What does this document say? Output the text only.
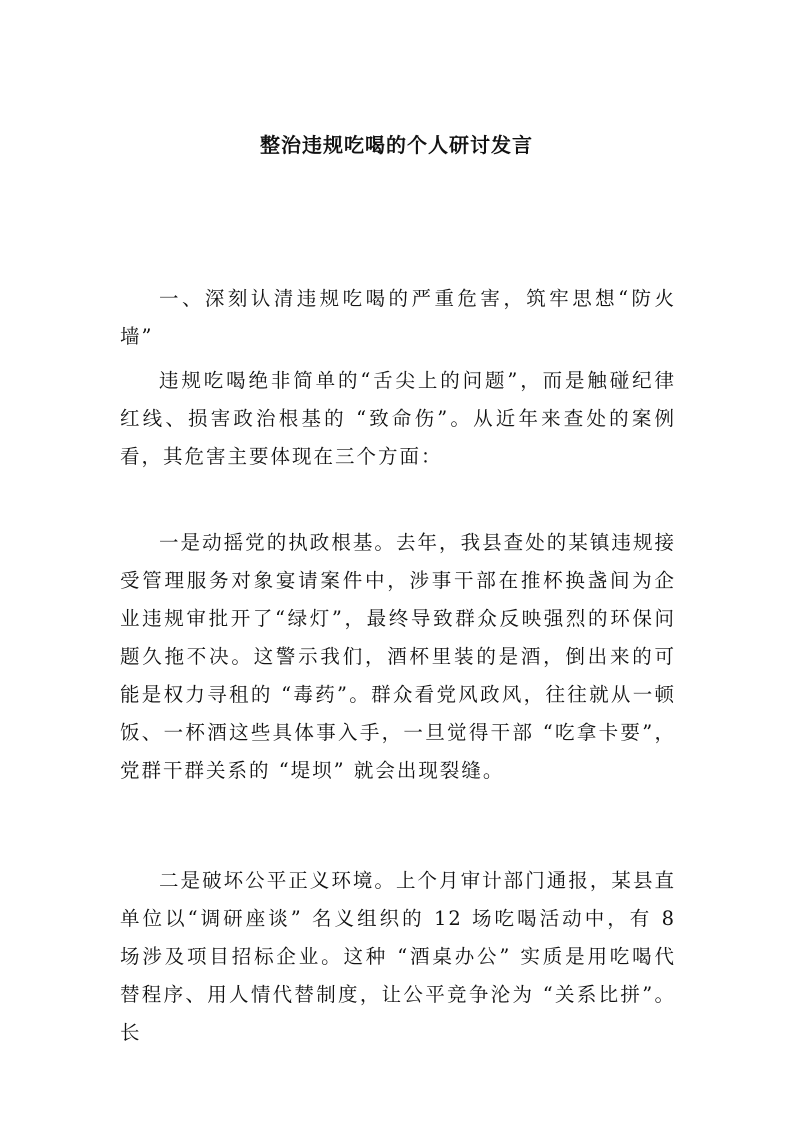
整治违规吃喝的个人研讨发言

一、深刻认清违规吃喝的严重危害，筑牢思想“防火墙”

违规吃喝绝非简单的“舌尖上的问题”，而是触碰纪律红线、损害政治根基的 “致命伤”。从近年来查处的案例看，其危害主要体现在三个方面：

一是动摇党的执政根基。去年，我县查处的某镇违规接受管理服务对象宴请案件中，涉事干部在推杯换盏间为企业违规审批开了“绿灯”，最终导致群众反映强烈的环保问题久拖不决。这警示我们，酒杯里装的是酒，倒出来的可能是权力寻租的 “毒药”。群众看党风政风，往往就从一顿饭、一杯酒这些具体事入手，一旦觉得干部 “吃拿卡要”，党群干群关系的 “堤坝” 就会出现裂缝。

二是破坏公平正义环境。上个月审计部门通报，某县直单位以“调研座谈” 名义组织的 12 场吃喝活动中，有 8 场涉及项目招标企业。这种 “酒桌办公” 实质是用吃喝代替程序、用人情代替制度，让公平竞争沦为 “关系比拼”。长
